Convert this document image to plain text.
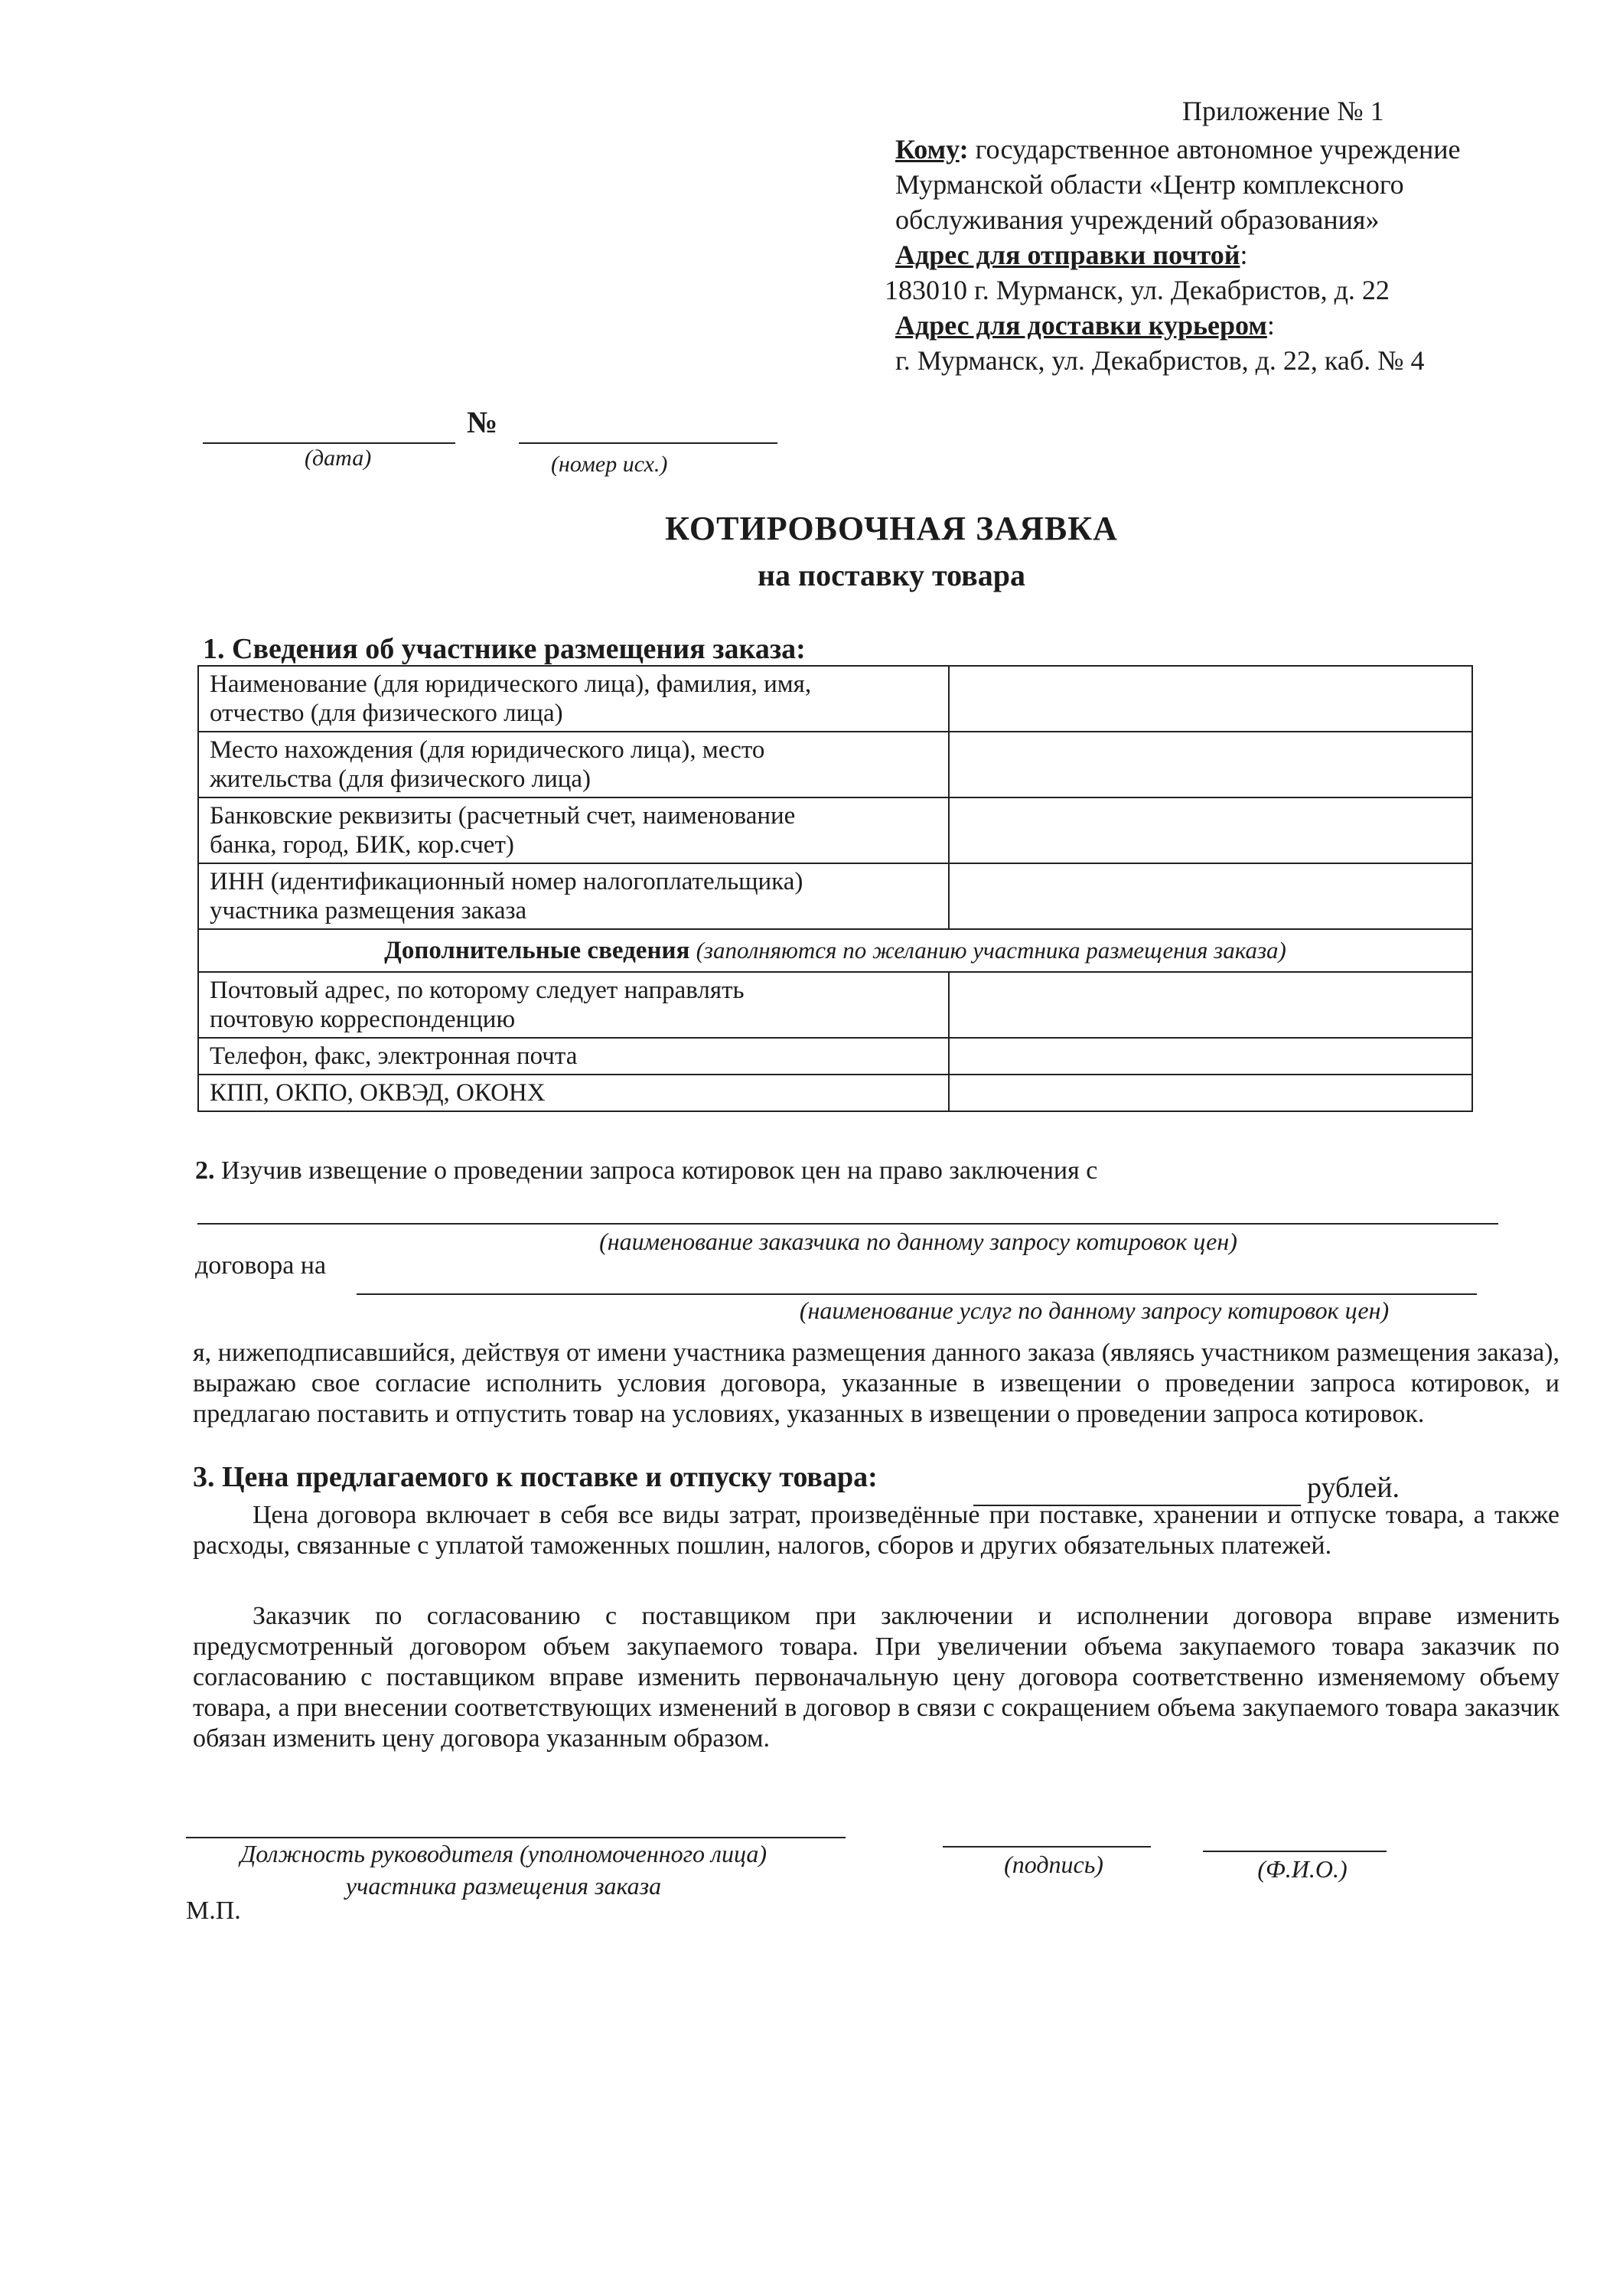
Приложение № 1
Кому: государственное автономное учреждение Мурманской области «Центр комплексного обслуживания учреждений образования»
Адрес для отправки почтой:
183010 г. Мурманск, ул. Декабристов, д. 22
Адрес для доставки курьером:
г. Мурманск, ул. Декабристов, д. 22, каб. № 4
№
(дата)	(номер исх.)
КОТИРОВОЧНАЯ ЗАЯВКА
на поставку товара
1. Сведения об участнике размещения заказа:
Наименование (для юридического лица), фамилия, имя,
отчество (для физического лица)	

Место нахождения (для юридического лица), место
жительства (для физического лица)	

Банковские реквизиты (расчетный счет, наименование
банка, город, БИК, кор.счет)	

ИНН (идентификационный номер налогоплательщика)
участника размещения заказа	

Дополнительные сведения (заполняются по желанию участника размещения заказа)	

Почтовый адрес, по которому следует направлять
почтовую корреспонденцию	

Телефон, факс, электронная почта	

КПП, ОКПО, ОКВЭД, ОКОНХ	

2. Изучив извещение о проведении запроса котировок цен на право заключения с
(наименование заказчика по данному запросу котировок цен)
договора на
(наименование услуг по данному запросу котировок цен)
я, нижеподписавшийся, действуя от имени участника размещения данного заказа (являясь участником размещения заказа), выражаю свое согласие исполнить условия договора, указанные в извещении о проведении запроса котировок, и предлагаю поставить и отпустить товар на условиях, указанных в извещении о проведении запроса котировок.
3. Цена предлагаемого к поставке и отпуску товара:	рублей.
Цена договора включает в себя все виды затрат, произведённые при поставке, хранении и отпуске товара, а также расходы, связанные с уплатой таможенных пошлин, налогов, сборов и других обязательных платежей.
Заказчик по согласованию с поставщиком при заключении и исполнении договора вправе изменить предусмотренный договором объем закупаемого товара. При увеличении объема закупаемого товара заказчик по согласованию с поставщиком вправе изменить первоначальную цену договора соответственно изменяемому объему товара, а при внесении соответствующих изменений в договор в связи с сокращением объема закупаемого товара заказчик обязан изменить цену договора указанным образом.
Должность руководителя (уполномоченного лица)
участника размещения заказа
(подпись)	(Ф.И.О.)
М.П.
